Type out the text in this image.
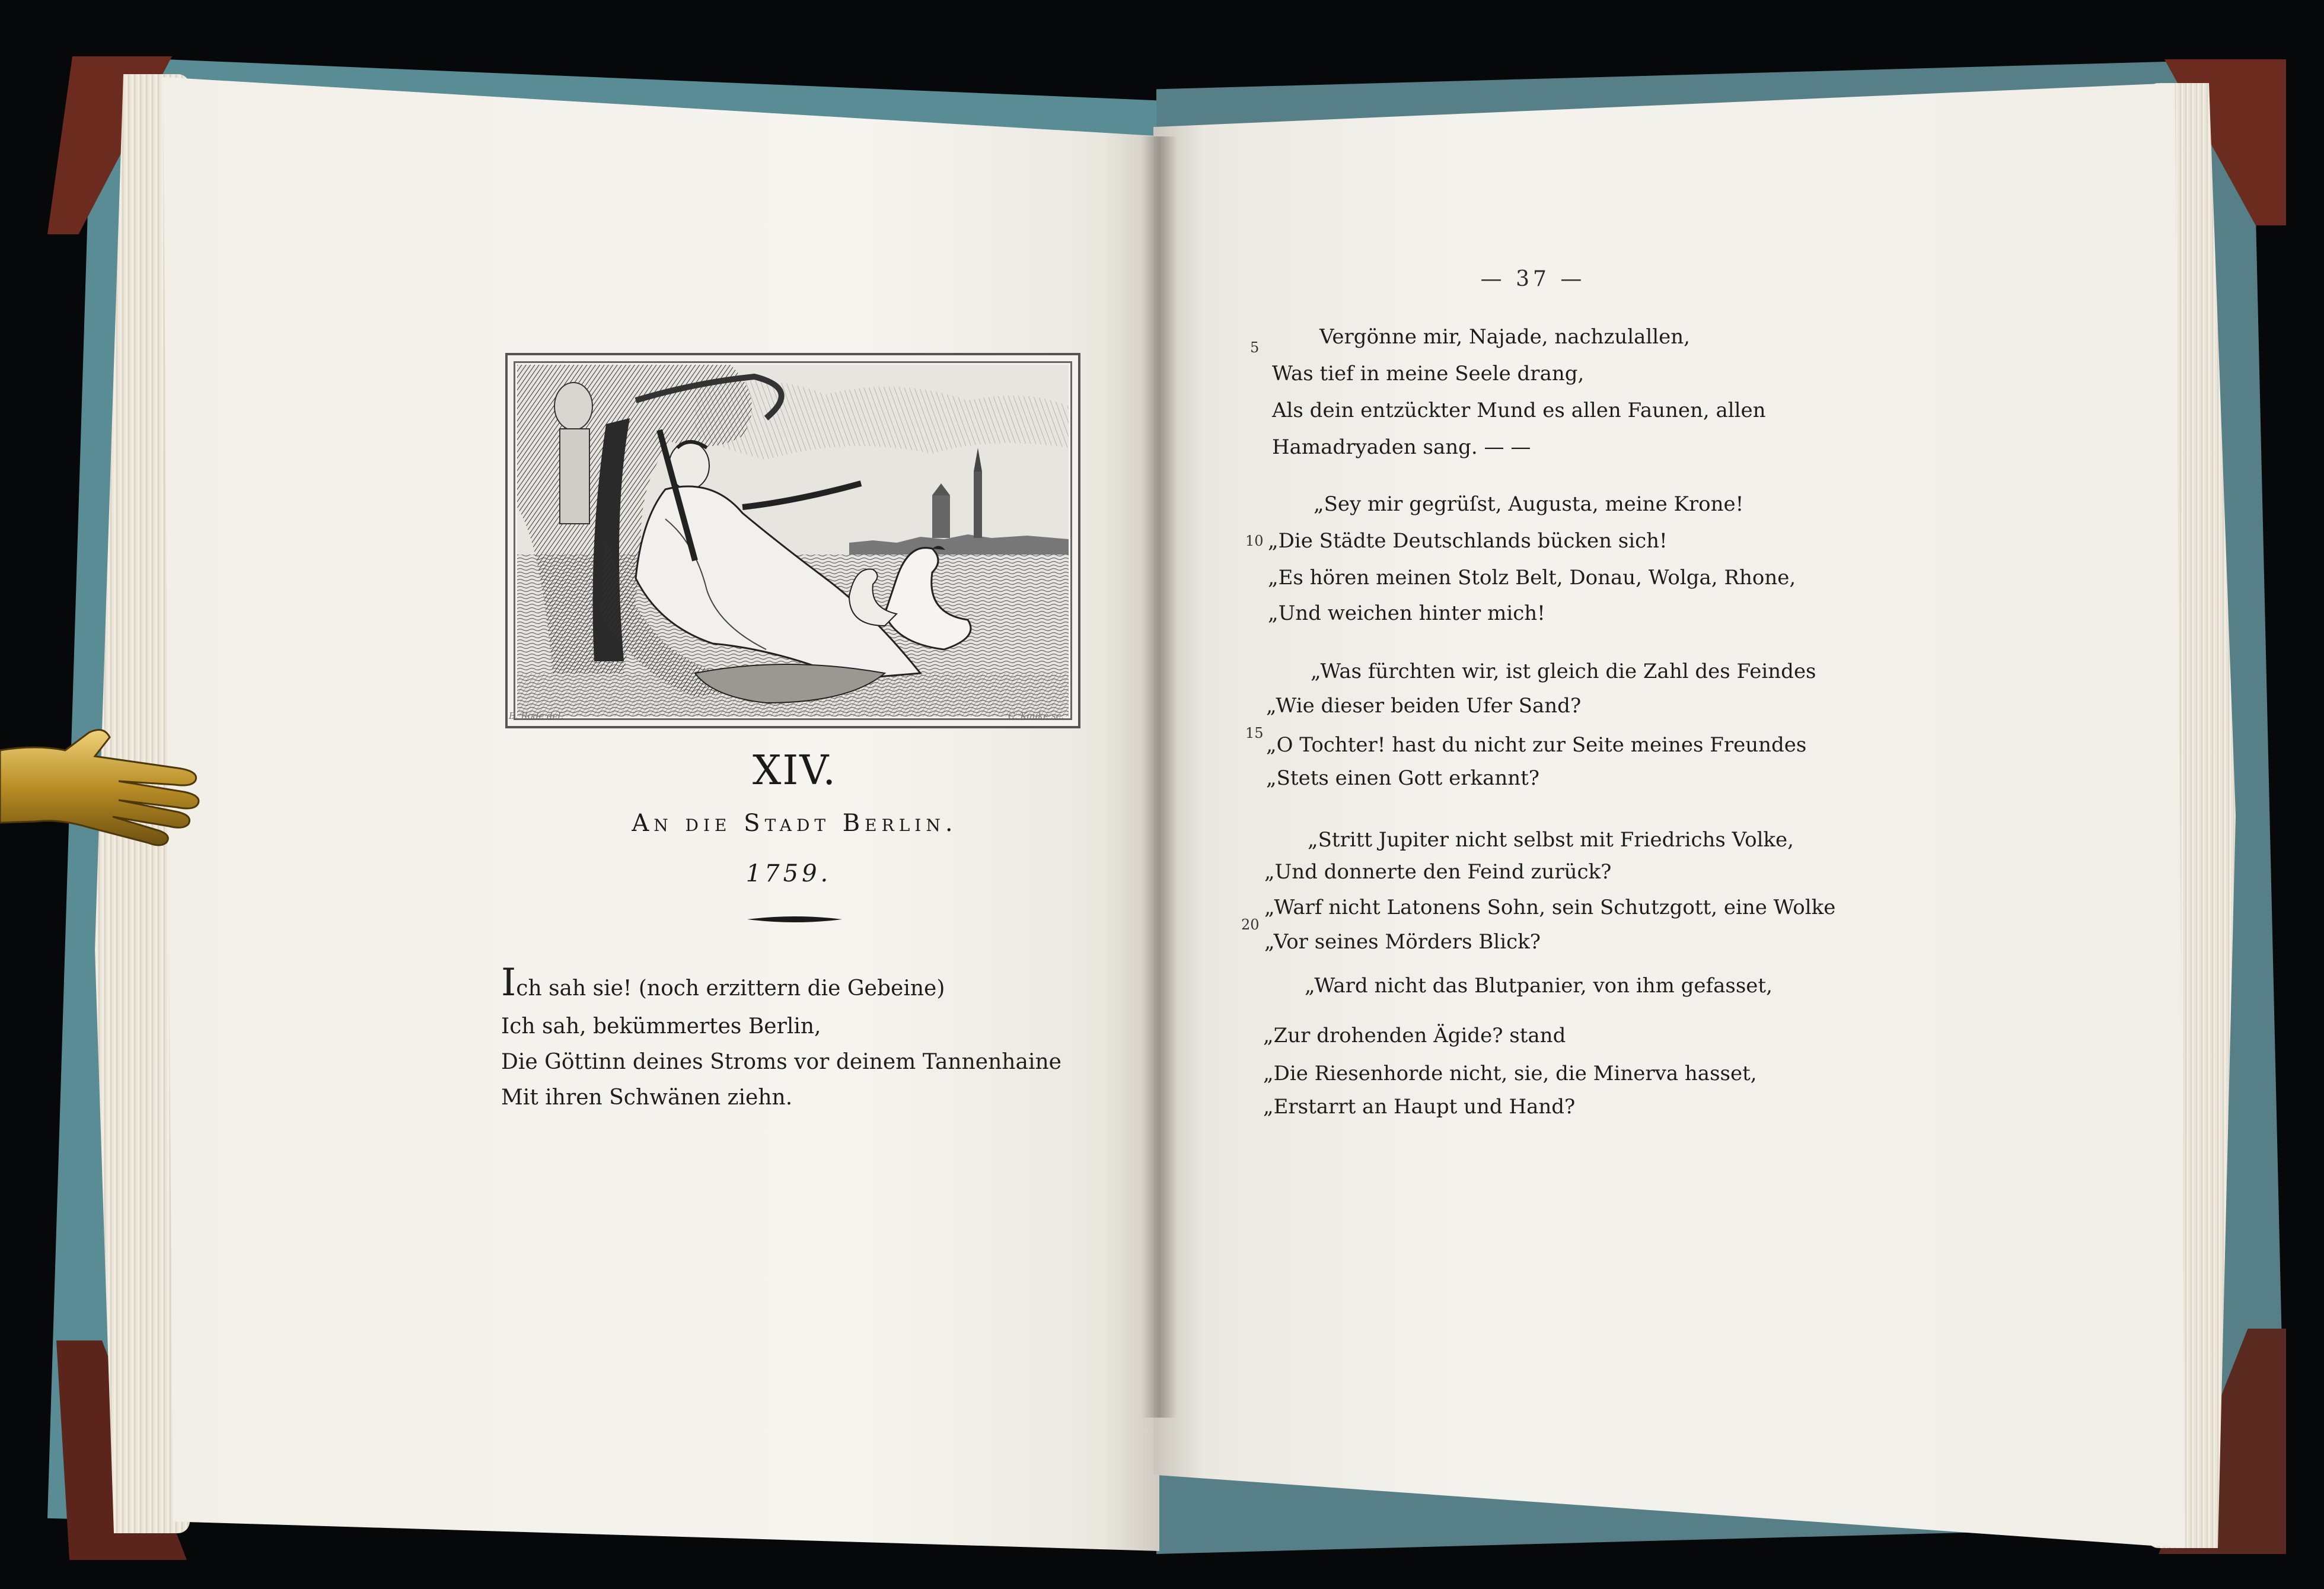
B. Rode del.	C. Kauke sc.
XIV.
An die Stadt Berlin.
1759.
Ich sah sie! (noch erzittern die Gebeine)
Ich sah, bekümmertes Berlin,
Die Göttinn deines Stroms vor deinem Tannenhaine
Mit ihren Schwänen ziehn.
— 37 —
5
10
15
20
Vergönne mir, Najade, nachzulallen,
Was tief in meine Seele drang,
Als dein entzückter Mund es allen Faunen, allen
Hamadryaden sang. — —
„Sey mir gegrüſst, Augusta, meine Krone!
„Die Städte Deutschlands bücken sich!
„Es hören meinen Stolz Belt, Donau, Wolga, Rhone,
„Und weichen hinter mich!
„Was fürchten wir, ist gleich die Zahl des Feindes
„Wie dieser beiden Ufer Sand?
„O Tochter! hast du nicht zur Seite meines Freundes
„Stets einen Gott erkannt?
„Stritt Jupiter nicht selbst mit Friedrichs Volke,
„Und donnerte den Feind zurück?
„Warf nicht Latonens Sohn, sein Schutzgott, eine Wolke
„Vor seines Mörders Blick?
„Ward nicht das Blutpanier, von ihm gefasset,
„Zur drohenden Ägide? stand
„Die Riesenhorde nicht, sie, die Minerva hasset,
„Erstarrt an Haupt und Hand?
